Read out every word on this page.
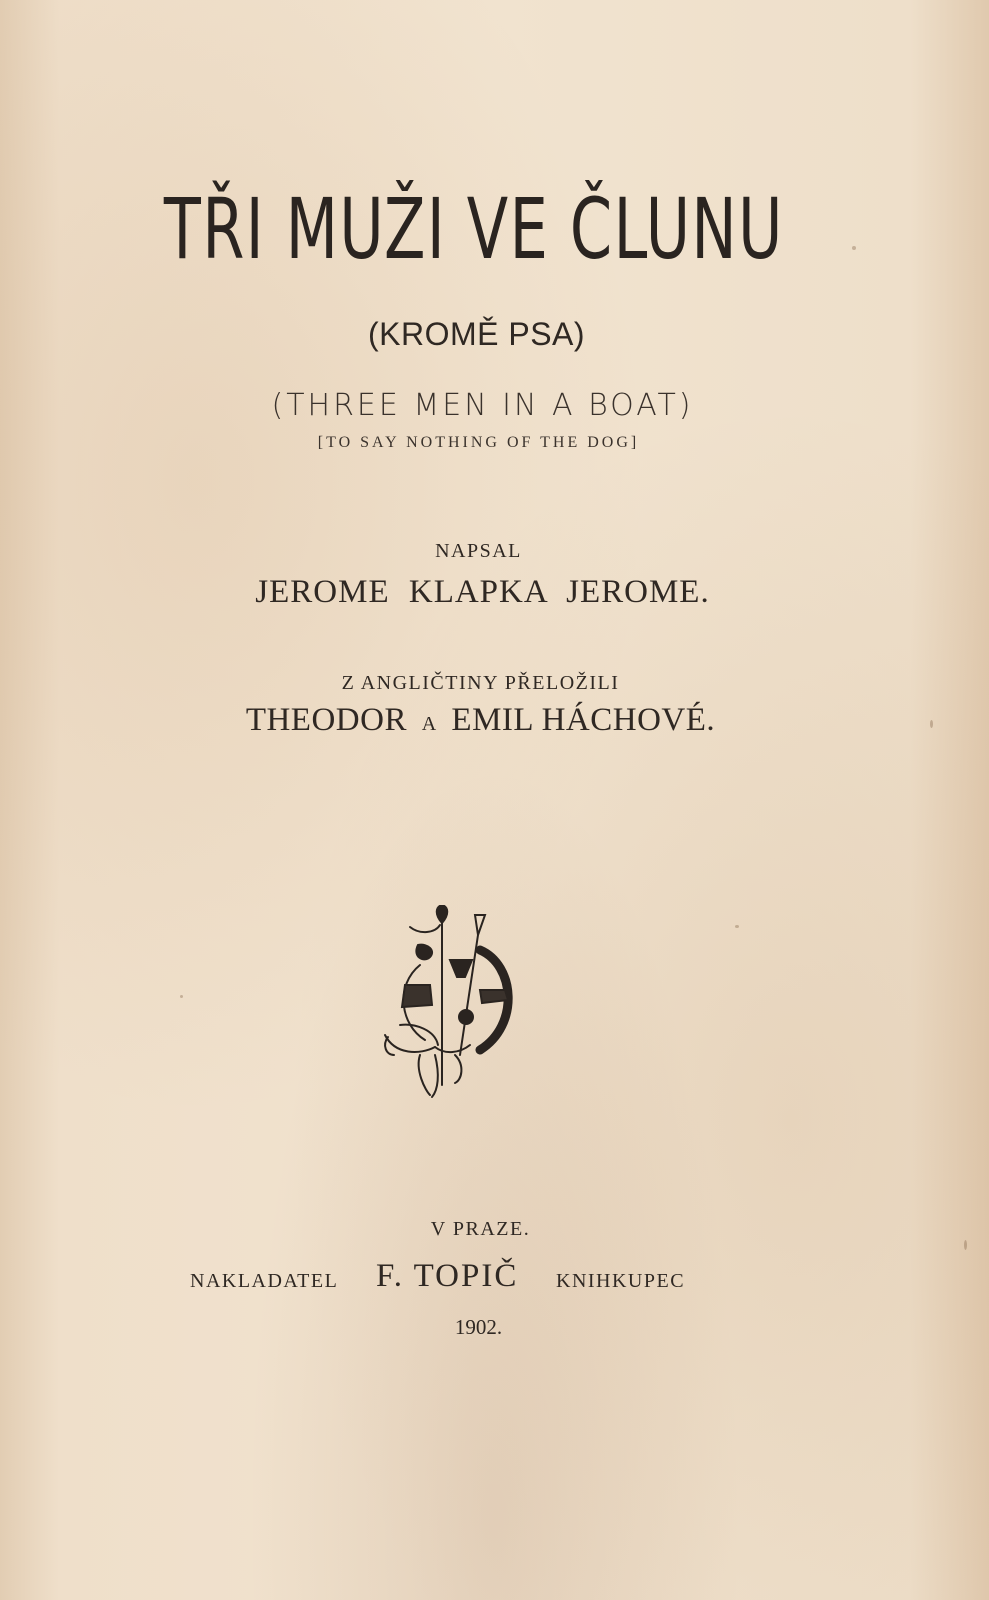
TŘI MUŽI VE ČLUNU
(KROMĚ PSA)
(THREE MEN IN A BOAT)
[TO SAY NOTHING OF THE DOG]
NAPSAL
JEROME KLAPKA JEROME.
Z ANGLIČTINY PŘELOŽILI
THEODOR A EMIL HÁCHOVÉ.
V PRAZE.
NAKLADATEL F. TOPIČ KNIHKUPEC
1902.
